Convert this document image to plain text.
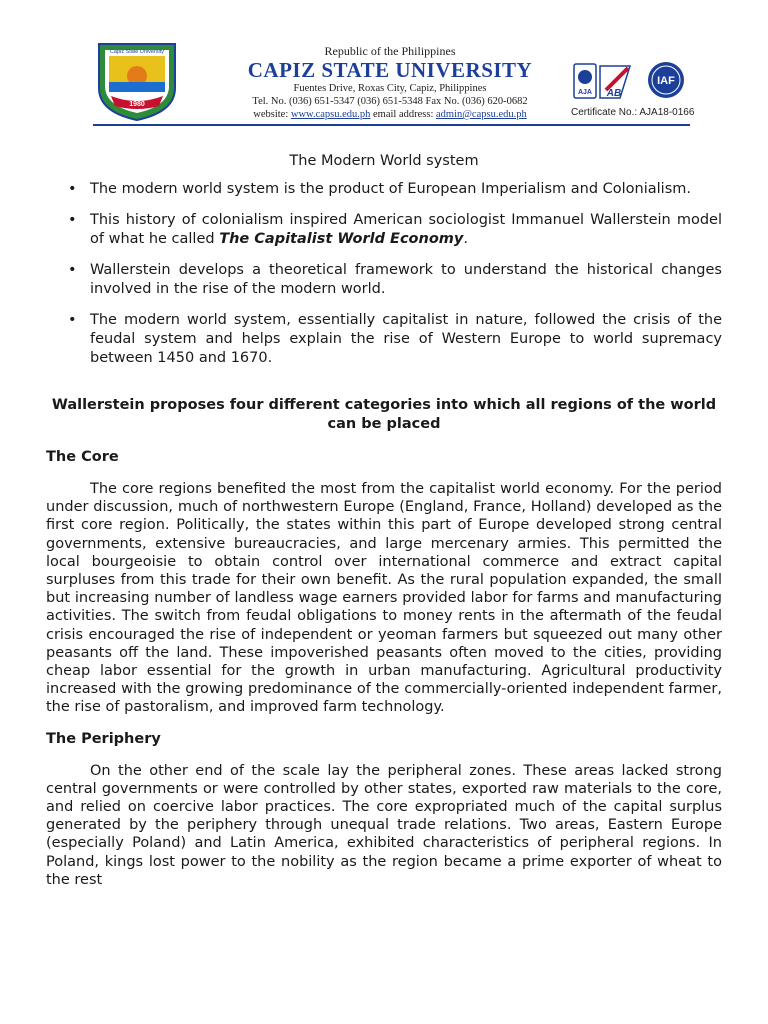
1980
Capiz State University	Republic of the Philippines
CAPIZ STATE UNIVERSITY
Fuentes Drive, Roxas City, Capiz, Philippines
Tel. No. (036) 651-5347 (036) 651-5348 Fax No. (036) 620-0682
website: www.capsu.edu.ph email address: admin@capsu.edu.ph
AJA AB
IAF
Certificate No.: AJA18-0166
The Modern World system
• The modern world system is the product of European Imperialism and Colonialism.
• This history of colonialism inspired American sociologist Immanuel Wallerstein model of what he called The Capitalist World Economy.
• Wallerstein develops a theoretical framework to understand the historical changes involved in the rise of the modern world.
• The modern world system, essentially capitalist in nature, followed the crisis of the feudal system and helps explain the rise of Western Europe to world supremacy between 1450 and 1670.
Wallerstein proposes four different categories into which all regions of the world can be placed
The Core

The core regions benefited the most from the capitalist world economy. For the period under discussion, much of northwestern Europe (England, France, Holland) developed as the first core region. Politically, the states within this part of Europe developed strong central governments, extensive bureaucracies, and large mercenary armies. This permitted the local bourgeoisie to obtain control over international commerce and extract capital surpluses from this trade for their own benefit. As the rural population expanded, the small but increasing number of landless wage earners provided labor for farms and manufacturing activities. The switch from feudal obligations to money rents in the aftermath of the feudal crisis encouraged the rise of independent or yeoman farmers but squeezed out many other peasants off the land. These impoverished peasants often moved to the cities, providing cheap labor essential for the growth in urban manufacturing. Agricultural productivity increased with the growing predominance of the commercially-oriented independent farmer, the rise of pastoralism, and improved farm technology.

The Periphery

On the other end of the scale lay the peripheral zones. These areas lacked strong central governments or were controlled by other states, exported raw materials to the core, and relied on coercive labor practices. The core expropriated much of the capital surplus generated by the periphery through unequal trade relations. Two areas, Eastern Europe (especially Poland) and Latin America, exhibited characteristics of peripheral regions. In Poland, kings lost power to the nobility as the region became a prime exporter of wheat to the rest
